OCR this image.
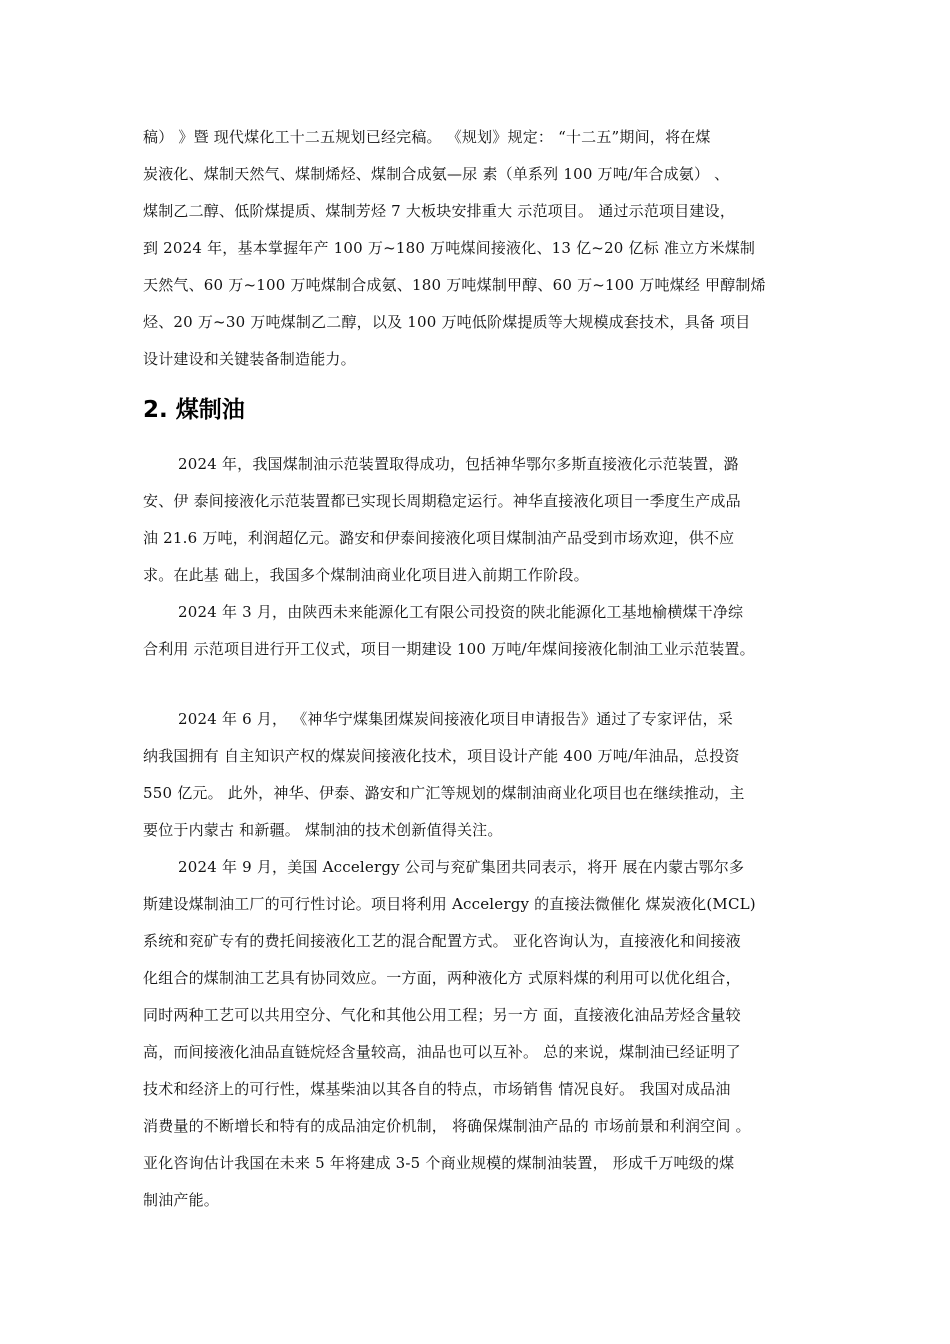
稿） 》暨 现代煤化工十二五规划已经完稿。 《规划》规定： “十二五”期间，将在煤
炭液化、煤制天然气、煤制烯烃、煤制合成氨—尿 素（单系列 100 万吨/年合成氨） 、
煤制乙二醇、低阶煤提质、煤制芳烃 7 大板块安排重大 示范项目。 通过示范项目建设，
到 2024 年，基本掌握年产 100 万~180 万吨煤间接液化、13 亿~20 亿标 准立方米煤制
天然气、60 万~100 万吨煤制合成氨、180 万吨煤制甲醇、60 万~100 万吨煤经 甲醇制烯
烃、20 万~30 万吨煤制乙二醇，以及 100 万吨低阶煤提质等大规模成套技术，具备 项目
设计建设和关键装备制造能力。
2. 煤制油
2024 年，我国煤制油示范装置取得成功，包括神华鄂尔多斯直接液化示范装置，潞
安、伊 泰间接液化示范装置都已实现长周期稳定运行。神华直接液化项目一季度生产成品
油 21.6 万吨，利润超亿元。潞安和伊泰间接液化项目煤制油产品受到市场欢迎，供不应
求。在此基 础上，我国多个煤制油商业化项目进入前期工作阶段。
2024 年 3 月，由陕西未来能源化工有限公司投资的陕北能源化工基地榆横煤干净综
合利用 示范项目进行开工仪式，项目一期建设 100 万吨/年煤间接液化制油工业示范装置。
2024 年 6 月， 《神华宁煤集团煤炭间接液化项目申请报告》通过了专家评估，采
纳我国拥有 自主知识产权的煤炭间接液化技术，项目设计产能 400 万吨/年油品，总投资
550 亿元。 此外，神华、伊泰、潞安和广汇等规划的煤制油商业化项目也在继续推动，主
要位于内蒙古 和新疆。 煤制油的技术创新值得关注。
2024 年 9 月，美国 Accelergy 公司与兖矿集团共同表示，将开 展在内蒙古鄂尔多
斯建设煤制油工厂的可行性讨论。项目将利用 Accelergy 的直接法微催化 煤炭液化(MCL)
系统和兖矿专有的费托间接液化工艺的混合配置方式。 亚化咨询认为，直接液化和间接液
化组合的煤制油工艺具有协同效应。一方面，两种液化方 式原料煤的利用可以优化组合，
同时两种工艺可以共用空分、气化和其他公用工程；另一方 面，直接液化油品芳烃含量较
高，而间接液化油品直链烷烃含量较高，油品也可以互补。 总的来说，煤制油已经证明了
技术和经济上的可行性，煤基柴油以其各自的特点，市场销售 情况良好。 我国对成品油
消费量的不断增长和特有的成品油定价机制， 将确保煤制油产品的 市场前景和利润空间 。
亚化咨询估计我国在未来 5 年将建成 3-5 个商业规模的煤制油装置， 形成千万吨级的煤
制油产能。
